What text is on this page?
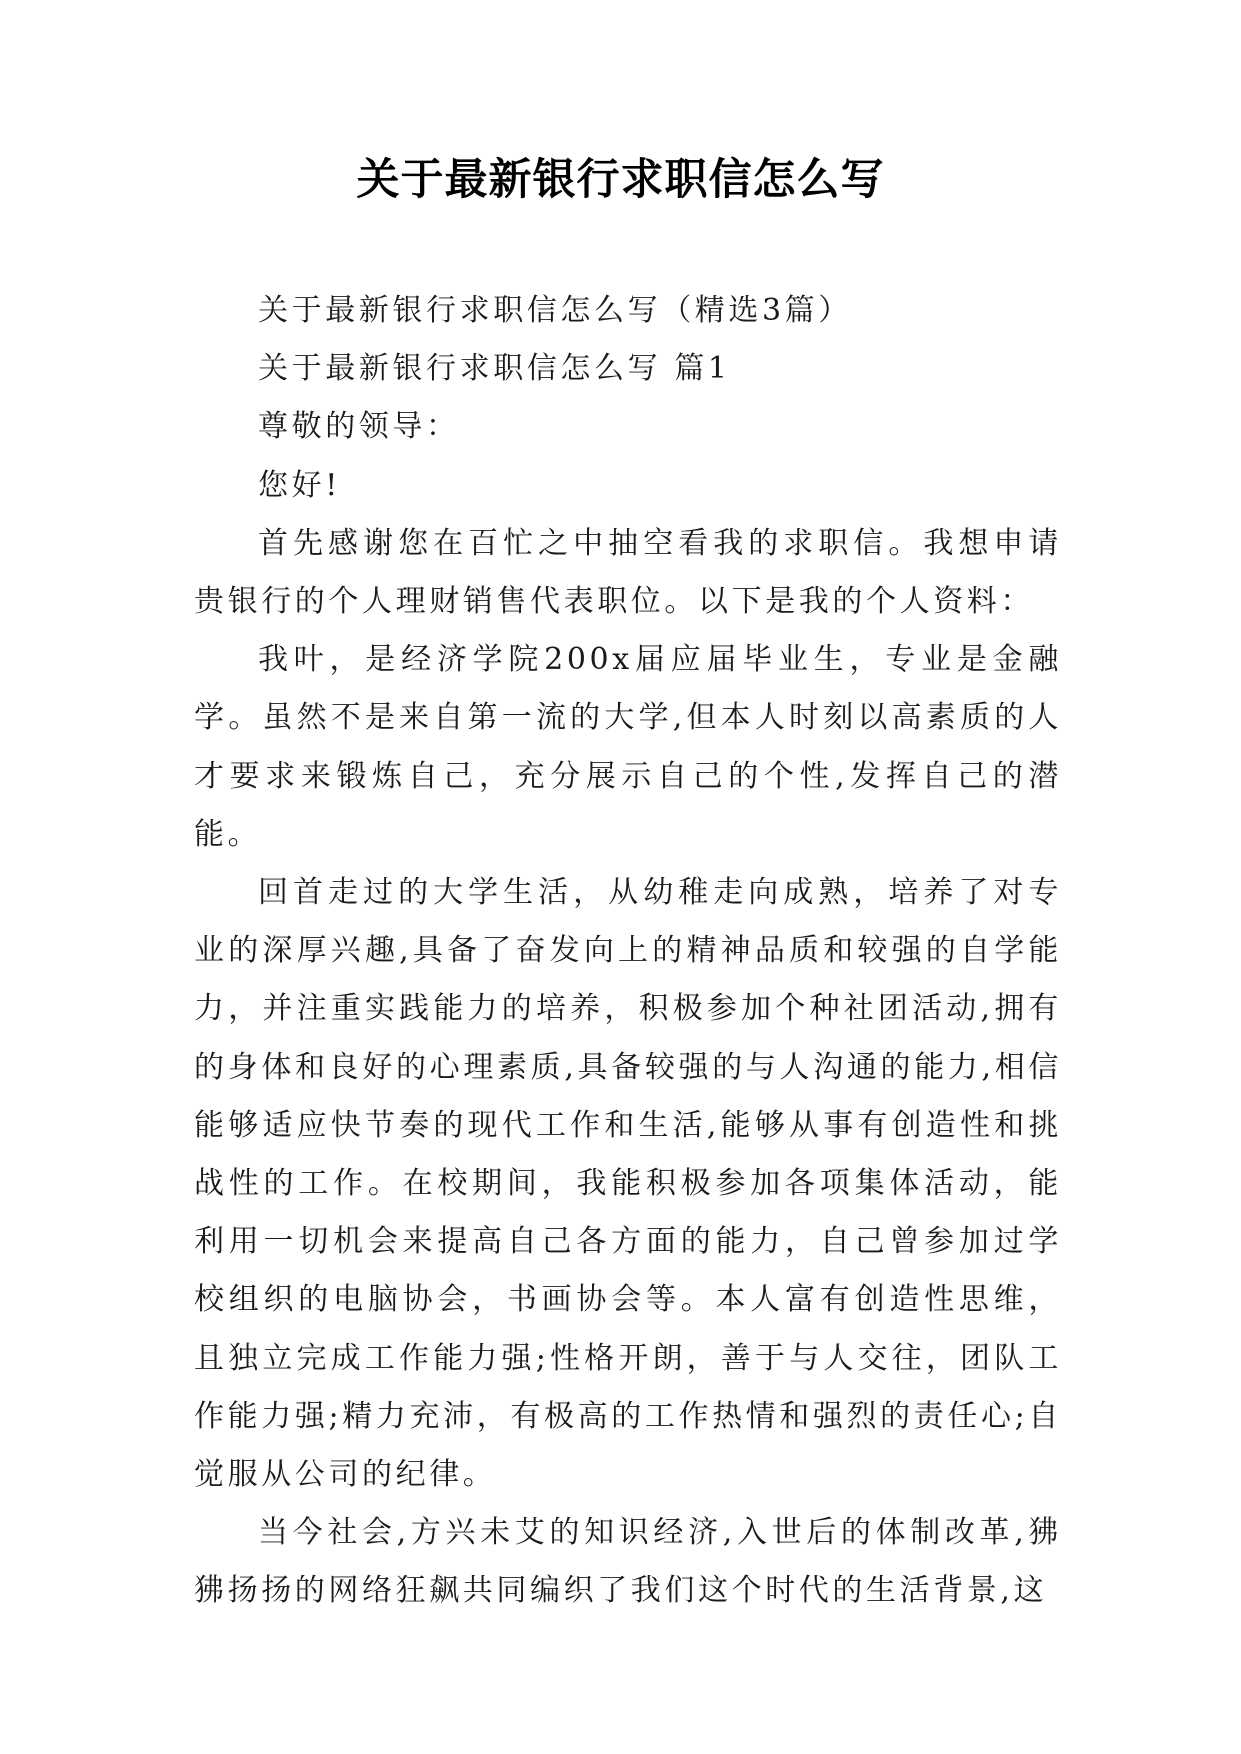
关于最新银行求职信怎么写

关于最新银行求职信怎么写（精选3篇）

关于最新银行求职信怎么写 篇1

尊敬的领导：

您好!

首先感谢您在百忙之中抽空看我的求职信。我想申请贵银行的个人理财销售代表职位。以下是我的个人资料：

我叶，是经济学院200x届应届毕业生，专业是金融学。虽然不是来自第一流的大学,但本人时刻以高素质的人才要求来锻炼自己，充分展示自己的个性,发挥自己的潜能。

回首走过的大学生活，从幼稚走向成熟，培养了对专业的深厚兴趣,具备了奋发向上的精神品质和较强的自学能力，并注重实践能力的培养，积极参加个种社团活动,拥有的身体和良好的心理素质,具备较强的与人沟通的能力,相信能够适应快节奏的现代工作和生活,能够从事有创造性和挑战性的工作。在校期间，我能积极参加各项集体活动，能利用一切机会来提高自己各方面的能力，自己曾参加过学校组织的电脑协会，书画协会等。本人富有创造性思维，且独立完成工作能力强;性格开朗，善于与人交往，团队工作能力强;精力充沛，有极高的工作热情和强烈的责任心;自觉服从公司的纪律。

当今社会,方兴未艾的知识经济,入世后的体制改革,狒狒扬扬的网络狂飙共同编织了我们这个时代的生活背景,这
